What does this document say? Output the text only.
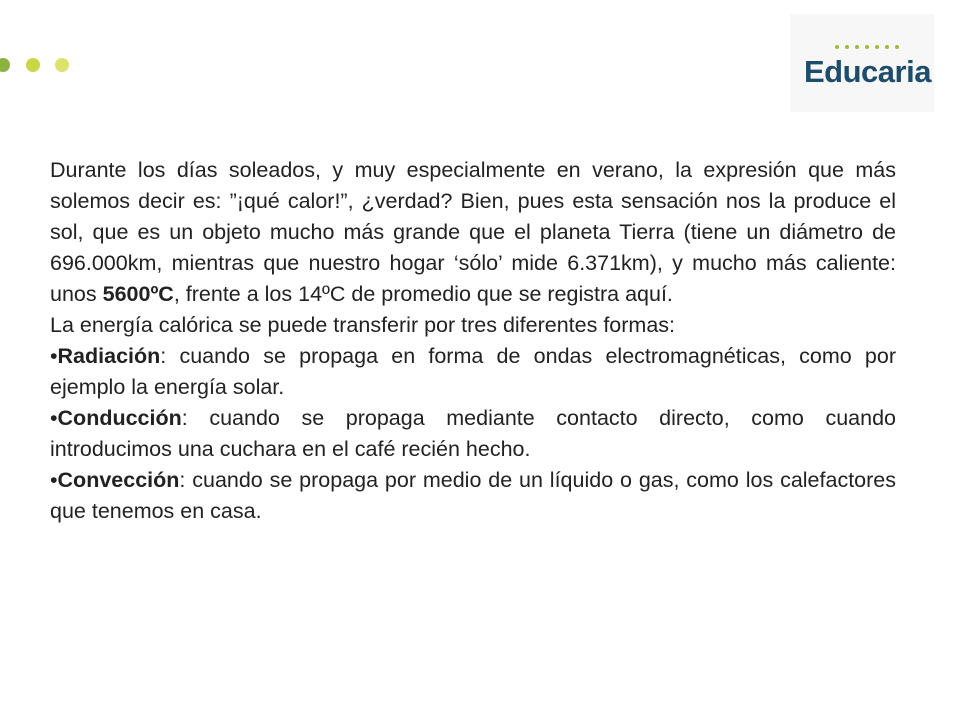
Educaria

Durante los días soleados, y muy especialmente en verano, la expresión que más solemos decir es: ”¡qué calor!”, ¿verdad? Bien, pues esta sensación nos la produce el sol, que es un objeto mucho más grande que el planeta Tierra (tiene un diámetro de 696.000km, mientras que nuestro hogar ‘sólo’ mide 6.371km), y mucho más caliente: unos 5600ºC, frente a los 14ºC de promedio que se registra aquí.

La energía calórica se puede transferir por tres diferentes formas:

•Radiación: cuando se propaga en forma de ondas electromagnéticas, como por ejemplo la energía solar.

•Conducción: cuando se propaga mediante contacto directo, como cuando introducimos una cuchara en el café recién hecho.

•Convección: cuando se propaga por medio de un líquido o gas, como los calefactores que tenemos en casa.
